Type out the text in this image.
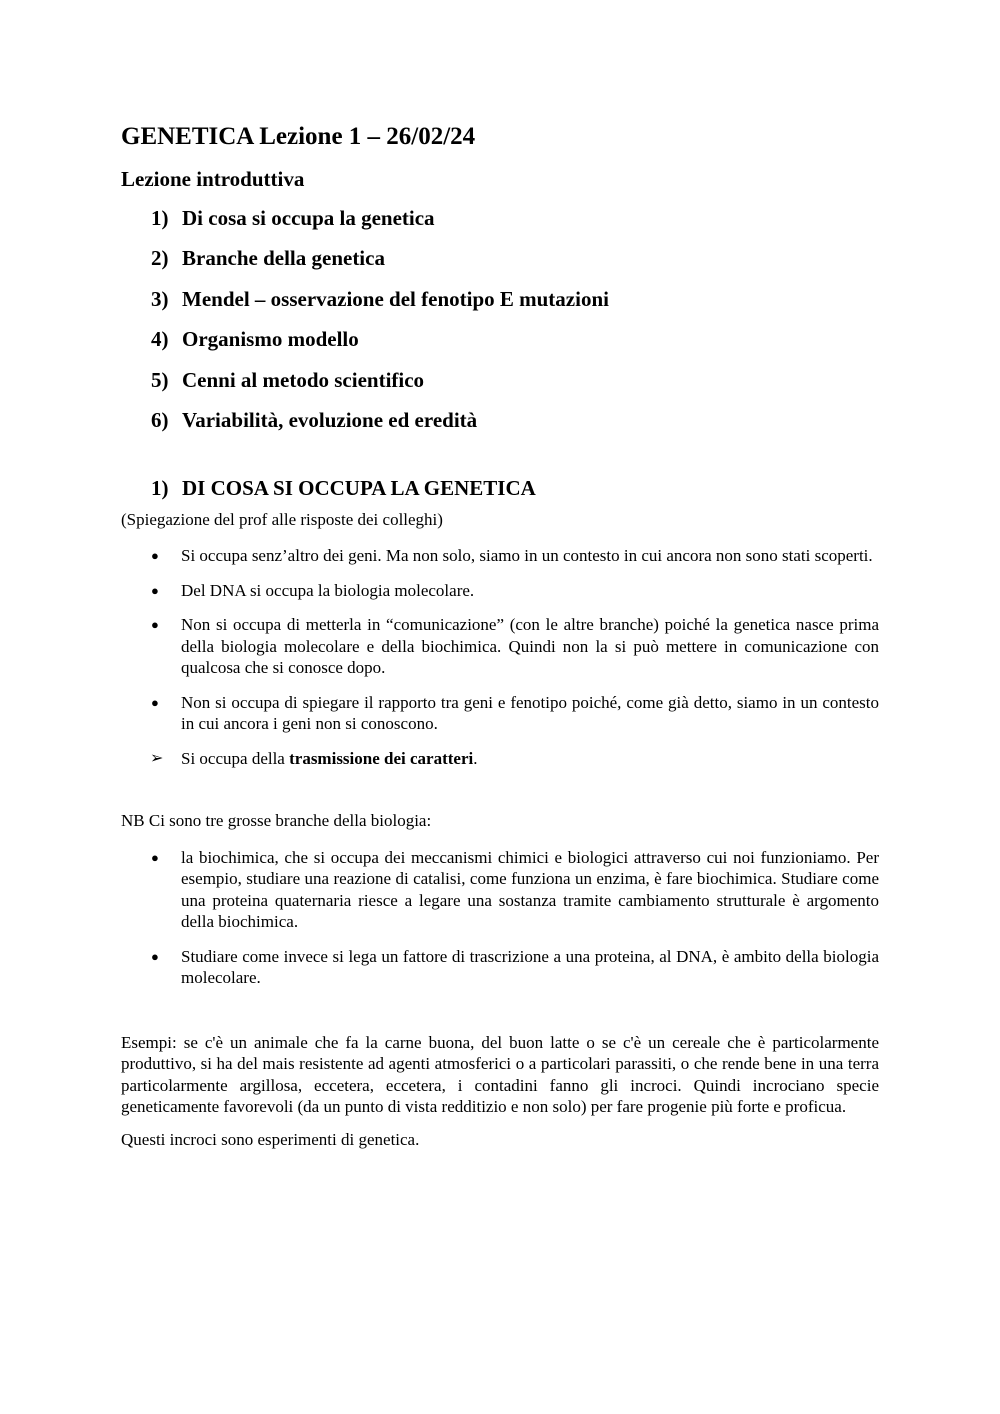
GENETICA Lezione 1 – 26/02/24
Lezione introduttiva
1) Di cosa si occupa la genetica
2) Branche della genetica
3) Mendel – osservazione del fenotipo E mutazioni
4) Organismo modello
5) Cenni al metodo scientifico
6) Variabilità, evoluzione ed eredità
1) DI COSA SI OCCUPA LA GENETICA

(Spiegazione del prof alle risposte dei colleghi)

●	Si occupa senz’altro dei geni. Ma non solo, siamo in un contesto in cui ancora non sono stati scoperti.
●	Del DNA si occupa la biologia molecolare.
●	Non si occupa di metterla in “comunicazione” (con le altre branche) poiché la genetica nasce prima della biologia molecolare e della biochimica. Quindi non la si può mettere in comunicazione con qualcosa che si conosce dopo.
●	Non si occupa di spiegare il rapporto tra geni e fenotipo poiché, come già detto, siamo in un contesto in cui ancora i geni non si conoscono.
➢	Si occupa della trasmissione dei caratteri.

NB Ci sono tre grosse branche della biologia:

●	la biochimica, che si occupa dei meccanismi chimici e biologici attraverso cui noi funzioniamo. Per esempio, studiare una reazione di catalisi, come funziona un enzima, è fare biochimica. Studiare come una proteina quaternaria riesce a legare una sostanza tramite cambiamento strutturale è argomento della biochimica.
●	Studiare come invece si lega un fattore di trascrizione a una proteina, al DNA, è ambito della biologia molecolare.

Esempi: se c'è un animale che fa la carne buona, del buon latte o se c'è un cereale che è particolarmente produttivo, si ha del mais resistente ad agenti atmosferici o a particolari parassiti, o che rende bene in una terra particolarmente argillosa, eccetera, eccetera, i contadini fanno gli incroci. Quindi incrociano specie geneticamente favorevoli (da un punto di vista redditizio e non solo) per fare progenie più forte e proficua.

Questi incroci sono esperimenti di genetica.
